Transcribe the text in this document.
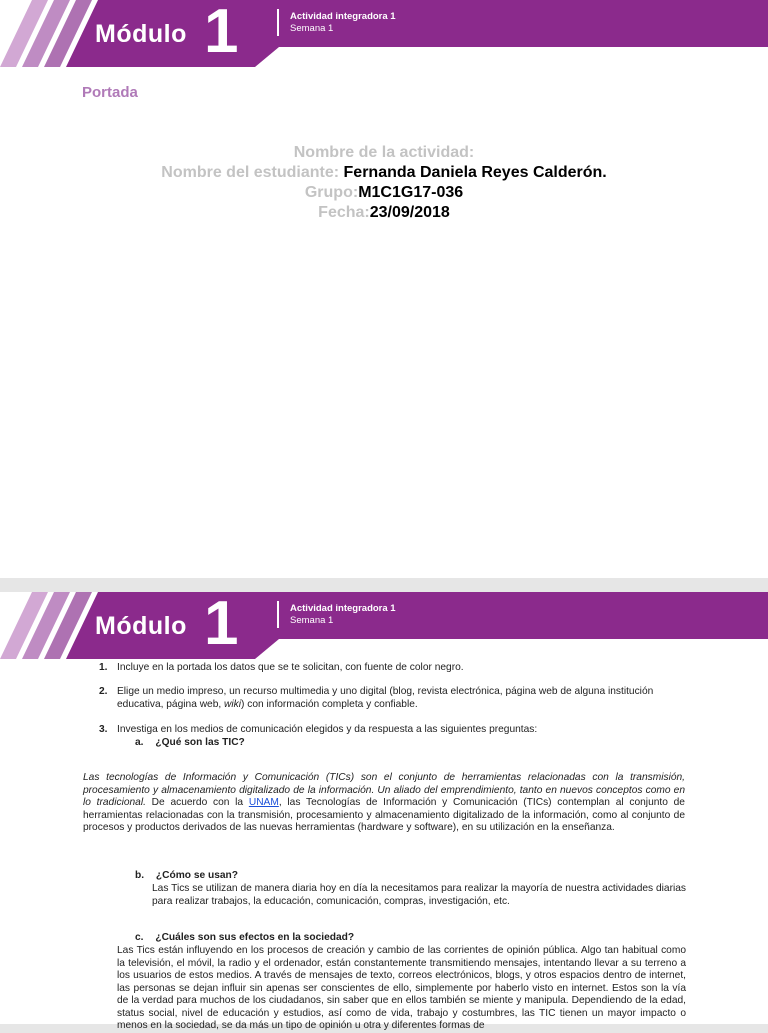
Módulo 1	Actividad integradora 1
Semana 1
Portada
Nombre de la actividad:
Nombre del estudiante: Fernanda Daniela Reyes Calderón.
Grupo:M1C1G17-036
Fecha:23/09/2018
Módulo 1	Actividad integradora 1
Semana 1
1. Incluye en la portada los datos que se te solicitan, con fuente de color negro.
2. Elige un medio impreso, un recurso multimedia y uno digital (blog, revista electrónica, página web de alguna institución educativa, página web, wiki) con información completa y confiable.
3. Investiga en los medios de comunicación elegidos y da respuesta a las siguientes preguntas:
a. ¿Qué son las TIC?
Las tecnologías de Información y Comunicación (TICs) son el conjunto de herramientas relacionadas con la transmisión, procesamiento y almacenamiento digitalizado de la información. Un aliado del emprendimiento, tanto en nuevos conceptos como en lo tradicional. De acuerdo con la UNAM, las Tecnologías de Información y Comunicación (TICs) contemplan al conjunto de herramientas relacionadas con la transmisión, procesamiento y almacenamiento digitalizado de la información, como al conjunto de procesos y productos derivados de las nuevas herramientas (hardware y software), en su utilización en la enseñanza.
b. ¿Cómo se usan?
Las Tics se utilizan de manera diaria hoy en día la necesitamos para realizar la mayoría de nuestra actividades diarias para realizar trabajos, la educación, comunicación, compras, investigación, etc.
c. ¿Cuáles son sus efectos en la sociedad?
Las Tics están influyendo en los procesos de creación y cambio de las corrientes de opinión pública. Algo tan habitual como la televisión, el móvil, la radio y el ordenador, están constantemente transmitiendo mensajes, intentando llevar a su terreno a los usuarios de estos medios. A través de mensajes de texto, correos electrónicos, blogs, y otros espacios dentro de internet, las personas se dejan influir sin apenas ser conscientes de ello, simplemente por haberlo visto en internet. Estos son la vía de la verdad para muchos de los ciudadanos, sin saber que en ellos también se miente y manipula. Dependiendo de la edad, status social, nivel de educación y estudios, así como de vida, trabajo y costumbres, las TIC tienen un mayor impacto o menos en la sociedad, se da más un tipo de opinión u otra y diferentes formas de
